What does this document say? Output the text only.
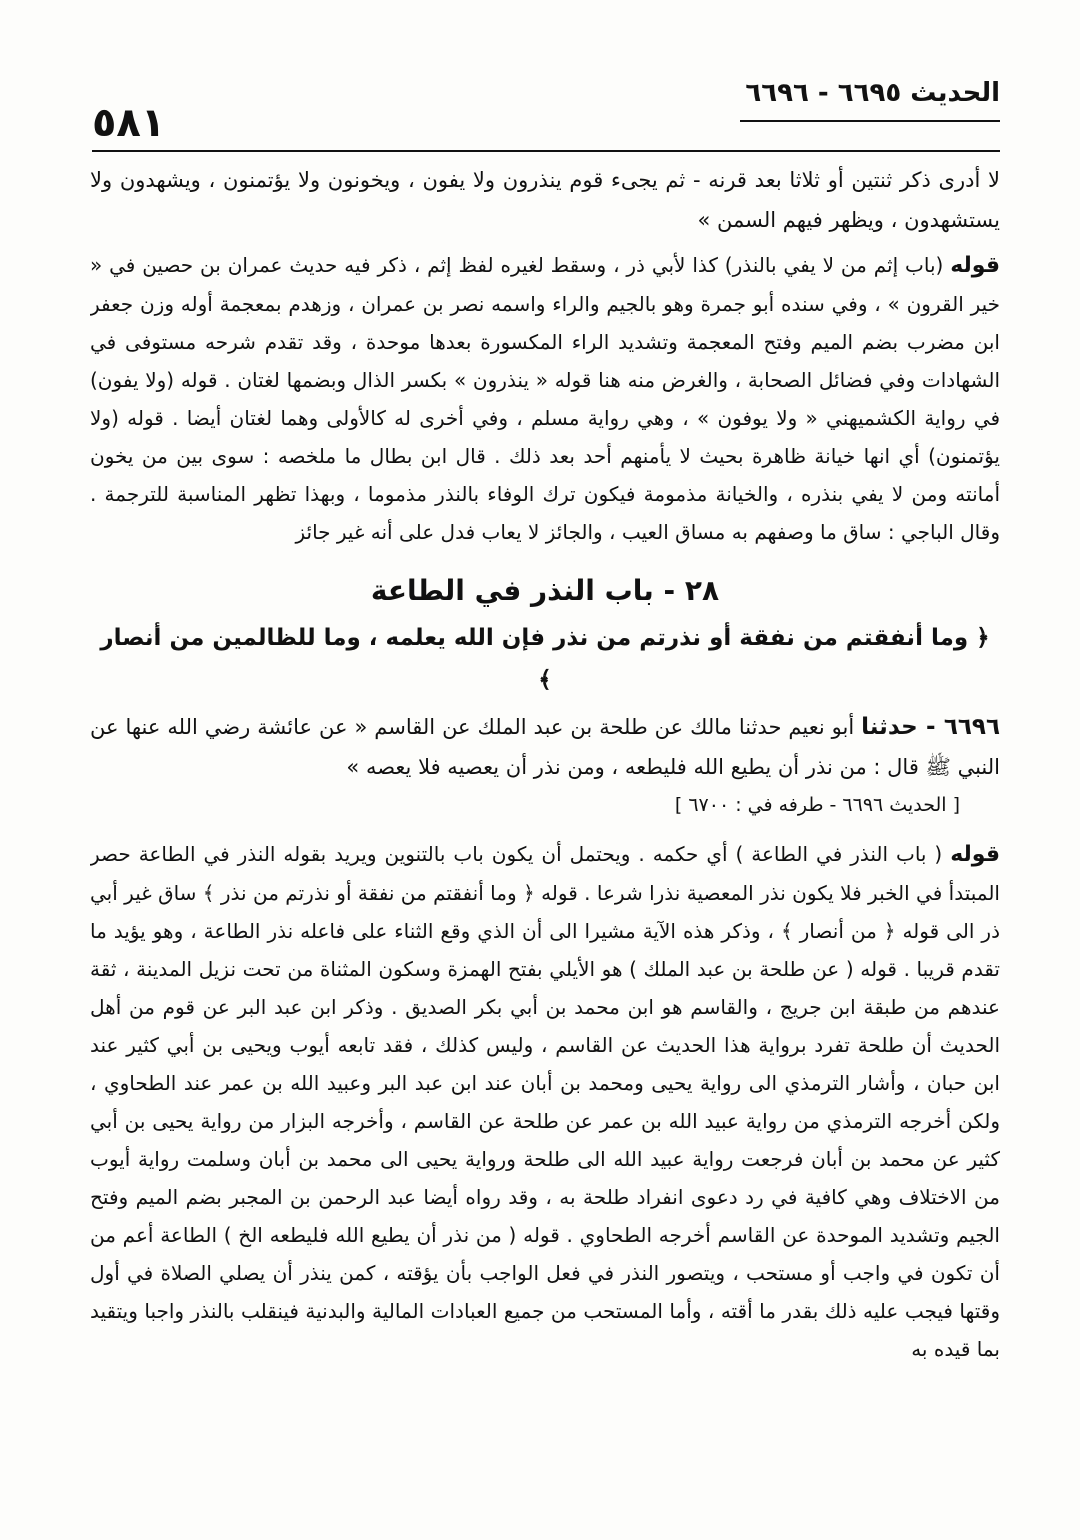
الحديث ٦٦٩٥ - ٦٦٩٦
٥٨١

لا أدرى ذكر ثنتين أو ثلاثا بعد قرنه - ثم يجىء قوم ينذرون ولا يفون ، ويخونون ولا يؤتمنون ، ويشهدون ولا يستشهدون ، ويظهر فيهم السمن »

قوله (باب إثم من لا يفي بالنذر) كذا لأبي ذر ، وسقط لغيره لفظ إثم ، ذكر فيه حديث عمران بن حصين في « خير القرون » ، وفي سنده أبو جمرة وهو بالجيم والراء واسمه نصر بن عمران ، وزهدم بمعجمة أوله وزن جعفر ابن مضرب بضم الميم وفتح المعجمة وتشديد الراء المكسورة بعدها موحدة ، وقد تقدم شرحه مستوفى في الشهادات وفي فضائل الصحابة ، والغرض منه هنا قوله « ينذرون » بكسر الذال وبضمها لغتان . قوله (ولا يفون) في رواية الكشميهني « ولا يوفون » ، وهي رواية مسلم ، وفي أخرى له كالأولى وهما لغتان أيضا . قوله (ولا يؤتمنون) أي انها خيانة ظاهرة بحيث لا يأمنهم أحد بعد ذلك . قال ابن بطال ما ملخصه : سوى بين من يخون أمانته ومن لا يفي بنذره ، والخيانة مذمومة فيكون ترك الوفاء بالنذر مذموما ، وبهذا تظهر المناسبة للترجمة . وقال الباجي : ساق ما وصفهم به مساق العيب ، والجائز لا يعاب فدل على أنه غير جائز

٢٨ - باب النذر في الطاعة
﴿ وما أنفقتم من نفقة أو نذرتم من نذر فإن الله يعلمه ، وما للظالمين من أنصار ﴾

٦٦٩٦ - حدثنا أبو نعيم حدثنا مالك عن طلحة بن عبد الملك عن القاسم « عن عائشة رضي الله عنها عن النبي ﷺ قال : من نذر أن يطيع الله فليطعه ، ومن نذر أن يعصيه فلا يعصه »

[ الحديث ٦٦٩٦ - طرفه في : ٦٧٠٠ ]

قوله ( باب النذر في الطاعة ) أي حكمه . ويحتمل أن يكون باب بالتنوين ويريد بقوله النذر في الطاعة حصر المبتدأ في الخبر فلا يكون نذر المعصية نذرا شرعا . قوله ﴿ وما أنفقتم من نفقة أو نذرتم من نذر ﴾ ساق غير أبي ذر الى قوله ﴿ من أنصار ﴾ ، وذكر هذه الآية مشيرا الى أن الذي وقع الثناء على فاعله نذر الطاعة ، وهو يؤيد ما تقدم قريبا . قوله ( عن طلحة بن عبد الملك ) هو الأيلي بفتح الهمزة وسكون المثناة من تحت نزيل المدينة ، ثقة عندهم من طبقة ابن جريج ، والقاسم هو ابن محمد بن أبي بكر الصديق . وذكر ابن عبد البر عن قوم من أهل الحديث أن طلحة تفرد برواية هذا الحديث عن القاسم ، وليس كذلك ، فقد تابعه أيوب ويحيى بن أبي كثير عند ابن حبان ، وأشار الترمذي الى رواية يحيى ومحمد بن أبان عند ابن عبد البر وعبيد الله بن عمر عند الطحاوي ، ولكن أخرجه الترمذي من رواية عبيد الله بن عمر عن طلحة عن القاسم ، وأخرجه البزار من رواية يحيى بن أبي كثير عن محمد بن أبان فرجعت رواية عبيد الله الى طلحة ورواية يحيى الى محمد بن أبان وسلمت رواية أيوب من الاختلاف وهي كافية في رد دعوى انفراد طلحة به ، وقد رواه أيضا عبد الرحمن بن المجبر بضم الميم وفتح الجيم وتشديد الموحدة عن القاسم أخرجه الطحاوي . قوله ( من نذر أن يطيع الله فليطعه الخ ) الطاعة أعم من أن تكون في واجب أو مستحب ، ويتصور النذر في فعل الواجب بأن يؤقته ، كمن ينذر أن يصلي الصلاة في أول وقتها فيجب عليه ذلك بقدر ما أقته ، وأما المستحب من جميع العبادات المالية والبدنية فينقلب بالنذر واجبا ويتقيد بما قيده به
